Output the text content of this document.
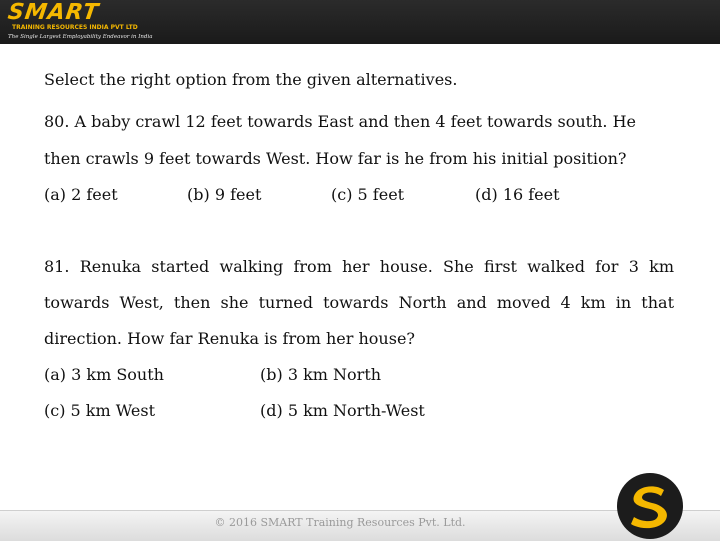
SMART
TRAINING RESOURCES INDIA PVT LTD
The Single Largest Employability Endeavor in India
Select the right option from the given alternatives.
80. A baby crawl 12 feet towards East and then 4 feet towards south. He
then crawls 9 feet towards West. How far is he from his initial position?
(a) 2 feet	(b) 9 feet	(c) 5 feet	(d) 16 feet
81. Renuka started walking from her house. She first walked for 3 km
towards West, then she turned towards North and moved 4 km in that
direction. How far Renuka is from her house?
(a) 3 km South	(b) 3 km North
(c) 5 km West	(d) 5 km North-West
© 2016 SMART Training Resources Pvt. Ltd.
